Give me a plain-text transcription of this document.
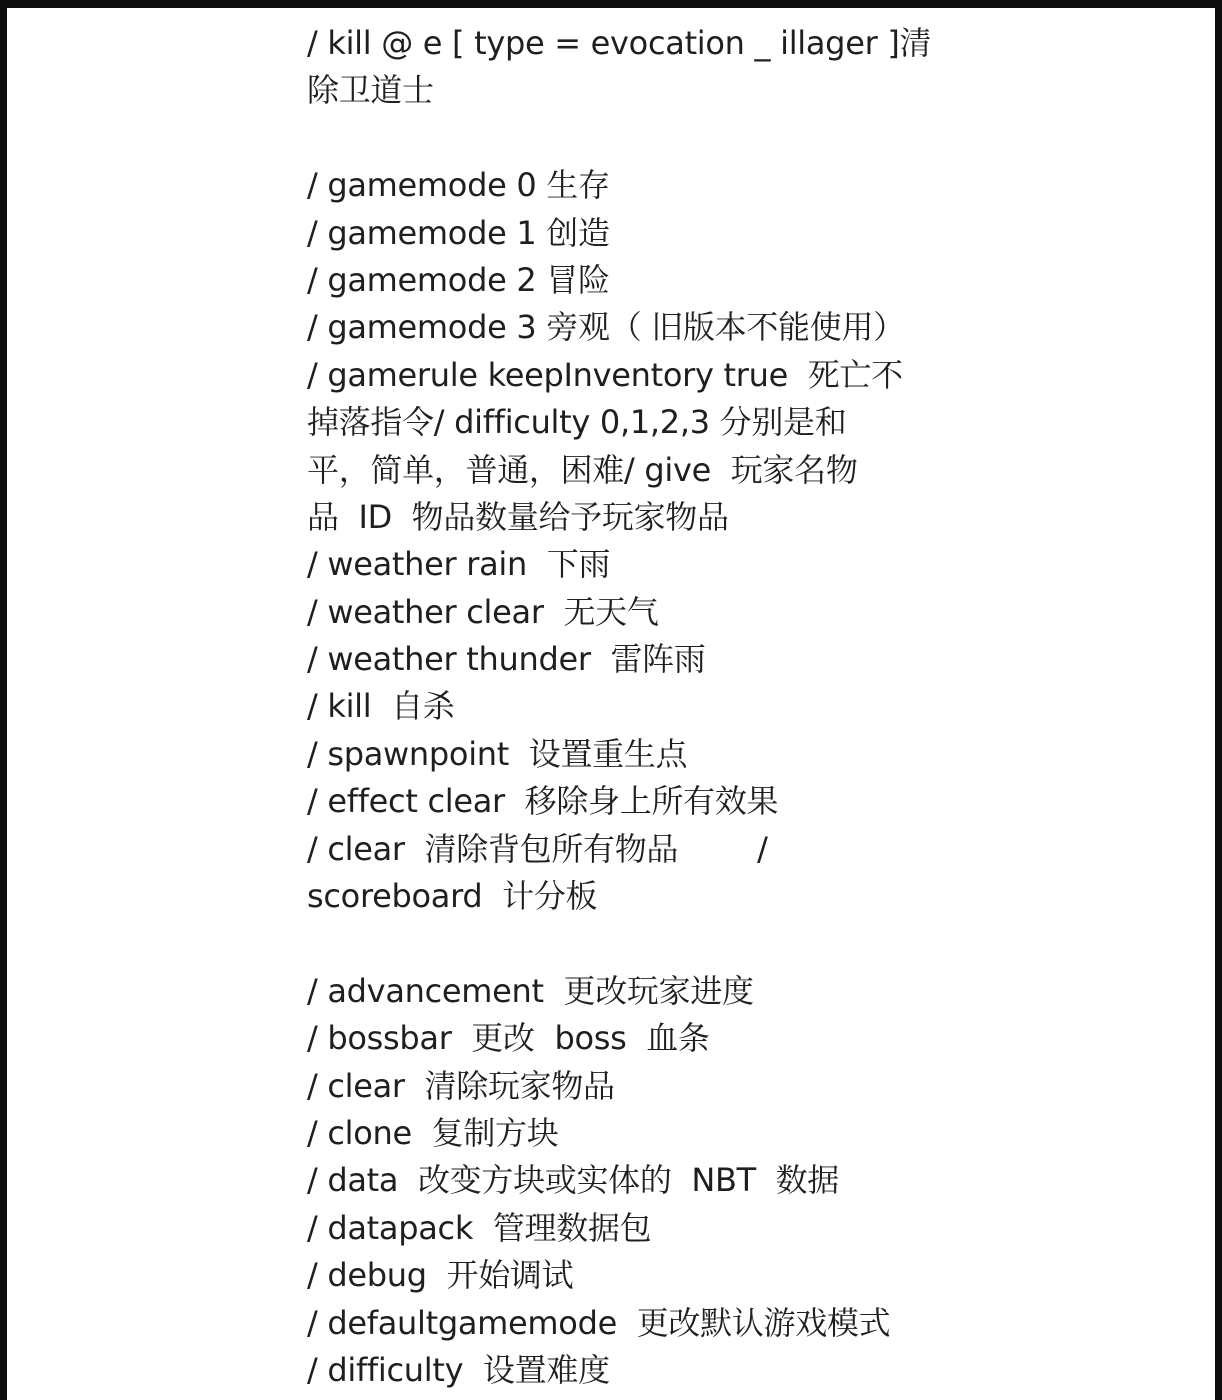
/ kill @ e [ type = evocation _ illager ]清
除卫道士
/ gamemode 0 生存
/ gamemode 1 创造
/ gamemode 2 冒险
/ gamemode 3 旁观（ 旧版本不能使用）
/ gamerule keepInventory true  死亡不
掉落指令/ difficulty 0,1,2,3 分别是和
平，简单，普通，困难/ give  玩家名物
品  ID  物品数量给予玩家物品
/ weather rain  下雨
/ weather clear  无天气
/ weather thunder  雷阵雨
/ kill  自杀
/ spawnpoint  设置重生点
/ effect clear  移除身上所有效果
/ clear  清除背包所有物品        /
scoreboard  计分板
/ advancement  更改玩家进度
/ bossbar  更改  boss  血条
/ clear  清除玩家物品
/ clone  复制方块
/ data  改变方块或实体的  NBT  数据
/ datapack  管理数据包
/ debug  开始调试
/ defaultgamemode  更改默认游戏模式
/ difficulty  设置难度
